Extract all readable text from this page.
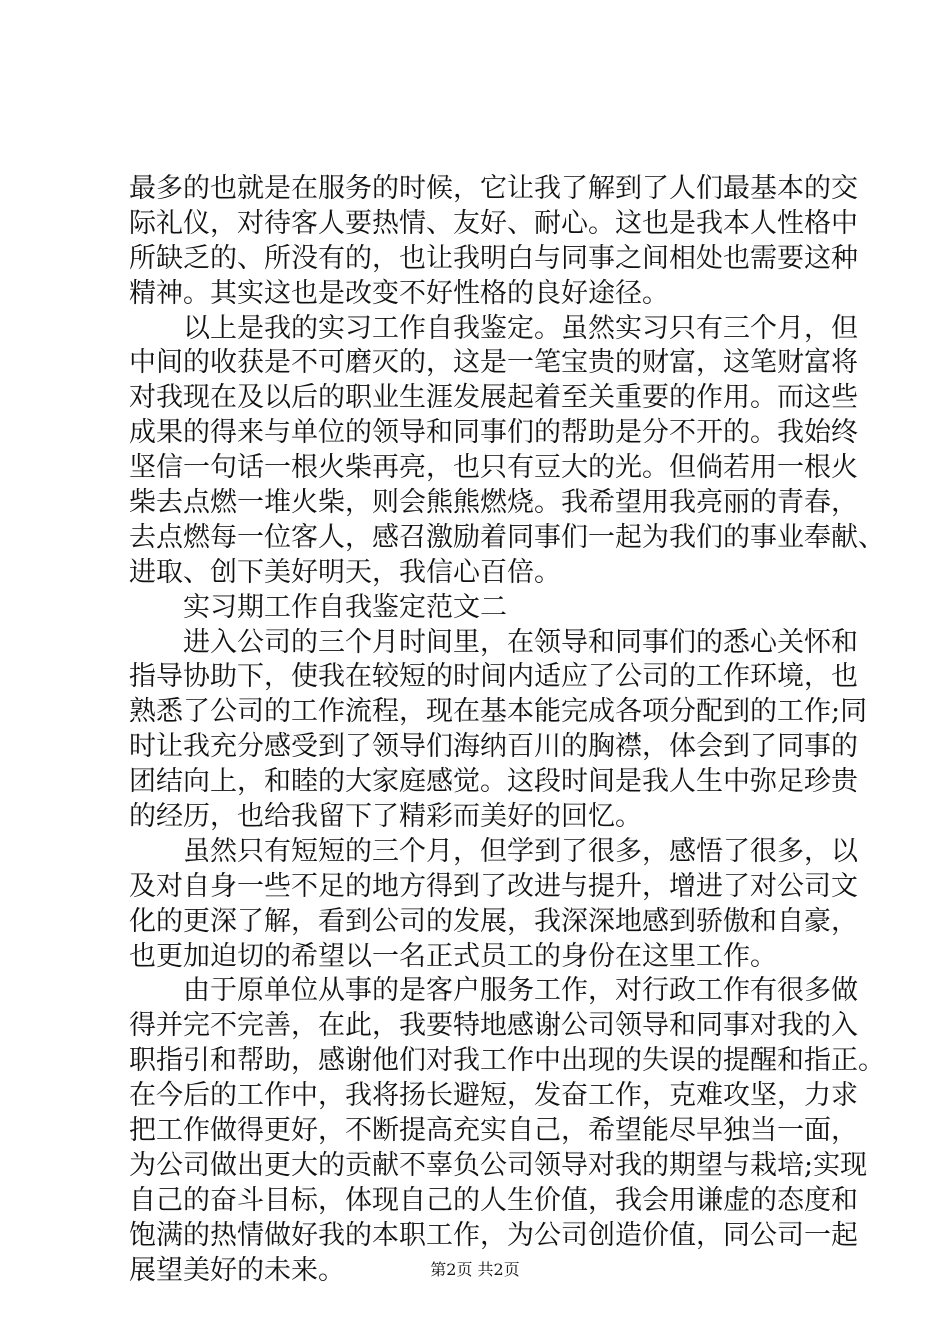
最多的也就是在服务的时候，它让我了解到了人们最基本的交
际礼仪，对待客人要热情、友好、耐心。这也是我本人性格中
所缺乏的、所没有的，也让我明白与同事之间相处也需要这种
精神。其实这也是改变不好性格的良好途径。
以上是我的实习工作自我鉴定。虽然实习只有三个月，但
中间的收获是不可磨灭的，这是一笔宝贵的财富，这笔财富将
对我现在及以后的职业生涯发展起着至关重要的作用。而这些
成果的得来与单位的领导和同事们的帮助是分不开的。我始终
坚信一句话一根火柴再亮，也只有豆大的光。但倘若用一根火
柴去点燃一堆火柴，则会熊熊燃烧。我希望用我亮丽的青春，
去点燃每一位客人，感召激励着同事们一起为我们的事业奉献、
进取、创下美好明天，我信心百倍。
实习期工作自我鉴定范文二
进入公司的三个月时间里，在领导和同事们的悉心关怀和
指导协助下，使我在较短的时间内适应了公司的工作环境，也
熟悉了公司的工作流程，现在基本能完成各项分配到的工作;同
时让我充分感受到了领导们海纳百川的胸襟，体会到了同事的
团结向上，和睦的大家庭感觉。这段时间是我人生中弥足珍贵
的经历，也给我留下了精彩而美好的回忆。
虽然只有短短的三个月，但学到了很多，感悟了很多，以
及对自身一些不足的地方得到了改进与提升，增进了对公司文
化的更深了解，看到公司的发展，我深深地感到骄傲和自豪，
也更加迫切的希望以一名正式员工的身份在这里工作。
由于原单位从事的是客户服务工作，对行政工作有很多做
得并完不完善，在此，我要特地感谢公司领导和同事对我的入
职指引和帮助，感谢他们对我工作中出现的失误的提醒和指正。
在今后的工作中，我将扬长避短，发奋工作，克难攻坚，力求
把工作做得更好，不断提高充实自己，希望能尽早独当一面，
为公司做出更大的贡献不辜负公司领导对我的期望与栽培;实现
自己的奋斗目标，体现自己的人生价值，我会用谦虚的态度和
饱满的热情做好我的本职工作，为公司创造价值，同公司一起
展望美好的未来。	第2页 共2页
